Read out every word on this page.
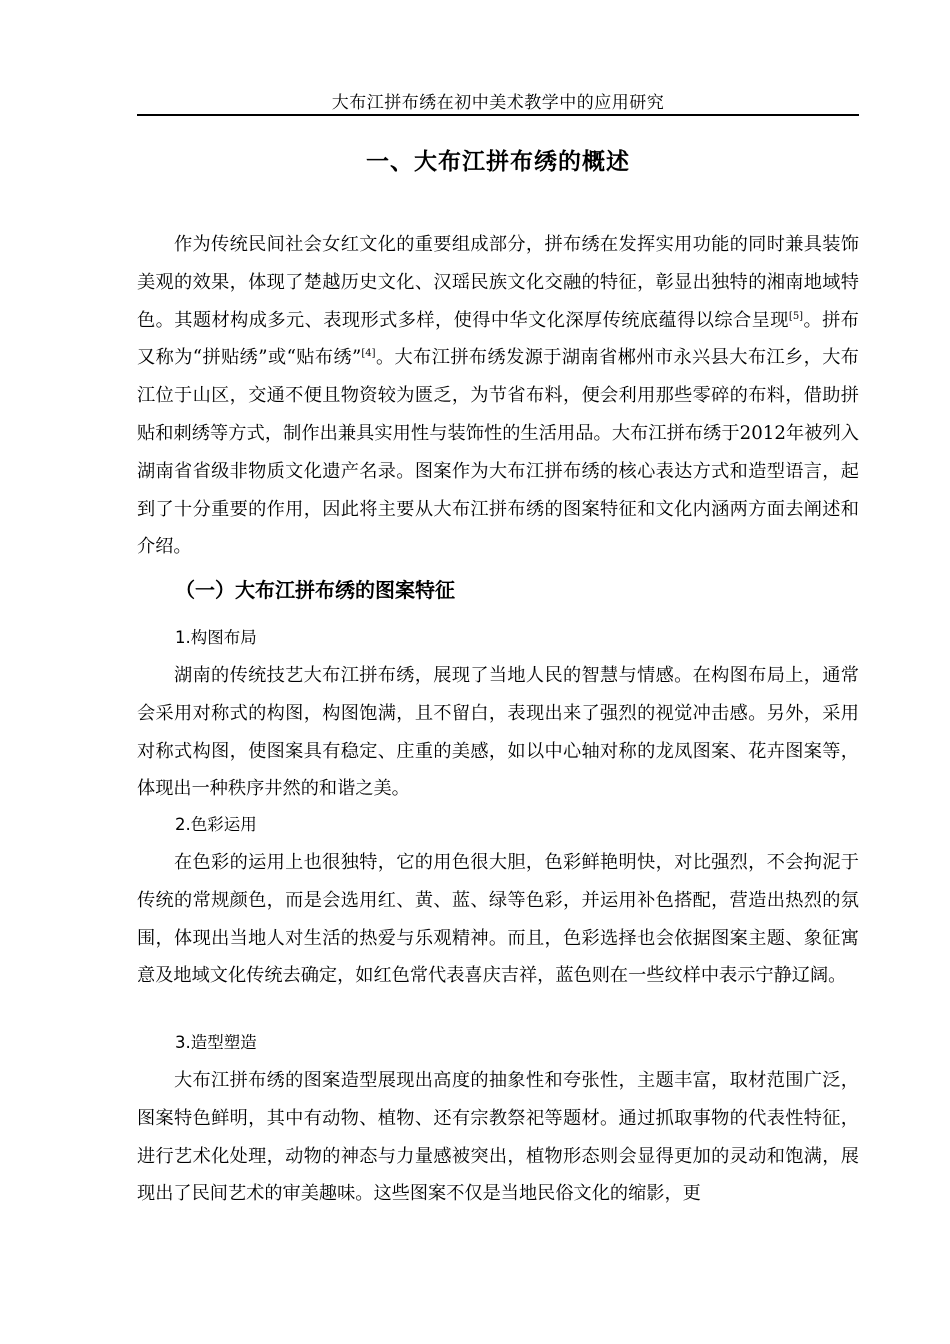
大布江拼布绣在初中美术教学中的应用研究
一、大布江拼布绣的概述

作为传统民间社会女红文化的重要组成部分，拼布绣在发挥实用功能的同时兼具装饰美观的效果，体现了楚越历史文化、汉瑶民族文化交融的特征，彰显出独特的湘南地域特色。其题材构成多元、表现形式多样，使得中华文化深厚传统底蕴得以综合呈现[5]。拼布又称为“拼贴绣”或“贴布绣”[4]。大布江拼布绣发源于湖南省郴州市永兴县大布江乡，大布江位于山区，交通不便且物资较为匮乏，为节省布料，便会利用那些零碎的布料，借助拼贴和刺绣等方式，制作出兼具实用性与装饰性的生活用品。大布江拼布绣于2012年被列入湖南省省级非物质文化遗产名录。图案作为大布江拼布绣的核心表达方式和造型语言，起到了十分重要的作用，因此将主要从大布江拼布绣的图案特征和文化内涵两方面去阐述和介绍。

（一）大布江拼布绣的图案特征
1.构图布局

湖南的传统技艺大布江拼布绣，展现了当地人民的智慧与情感。在构图布局上，通常会采用对称式的构图，构图饱满，且不留白，表现出来了强烈的视觉冲击感。另外，采用对称式构图，使图案具有稳定、庄重的美感，如以中心轴对称的龙凤图案、花卉图案等，体现出一种秩序井然的和谐之美。

2.色彩运用

在色彩的运用上也很独特，它的用色很大胆，色彩鲜艳明快，对比强烈，不会拘泥于传统的常规颜色，而是会选用红、黄、蓝、绿等色彩，并运用补色搭配，营造出热烈的氛围，体现出当地人对生活的热爱与乐观精神。而且，色彩选择也会依据图案主题、象征寓意及地域文化传统去确定，如红色常代表喜庆吉祥，蓝色则在一些纹样中表示宁静辽阔。

3.造型塑造

大布江拼布绣的图案造型展现出高度的抽象性和夸张性，主题丰富，取材范围广泛，图案特色鲜明，其中有动物、植物、还有宗教祭祀等题材。通过抓取事物的代表性特征，进行艺术化处理，动物的神态与力量感被突出，植物形态则会显得更加的灵动和饱满，展现出了民间艺术的审美趣味。这些图案不仅是当地民俗文化的缩影，更
